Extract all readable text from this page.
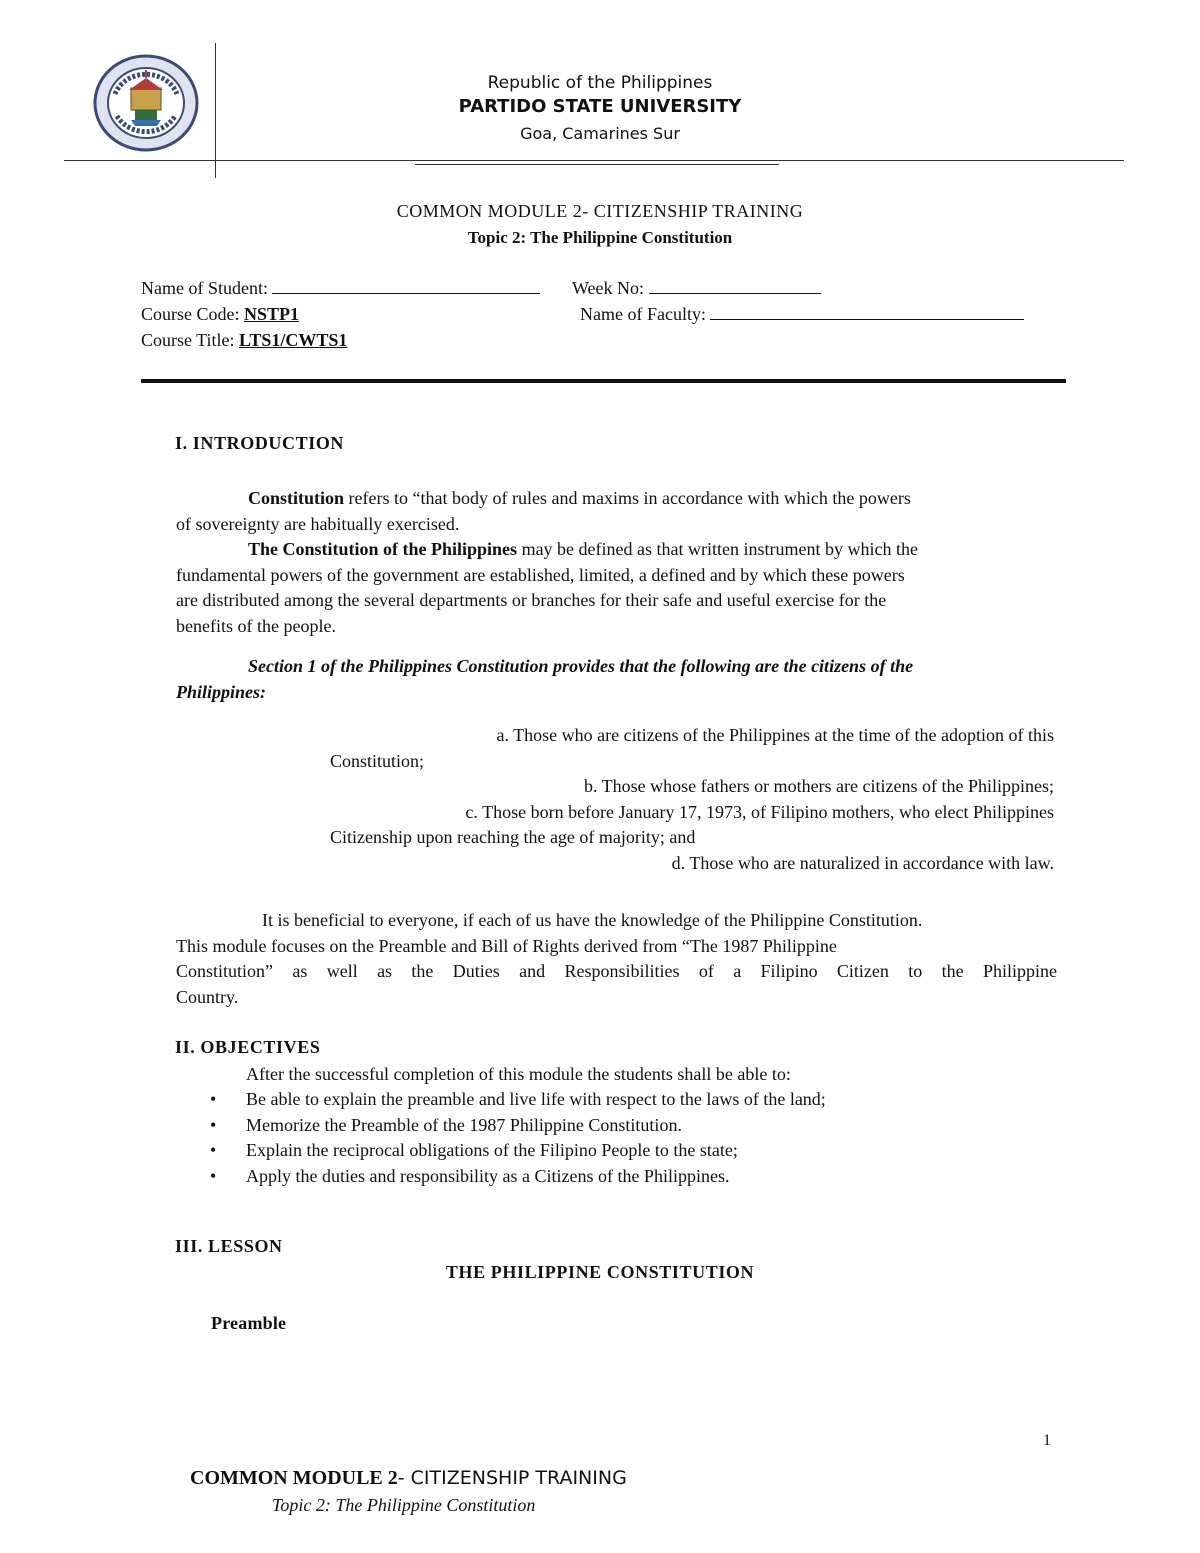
Republic of the Philippines
PARTIDO STATE UNIVERSITY
Goa, Camarines Sur
COMMON MODULE 2- CITIZENSHIP TRAINING
Topic 2: The Philippine Constitution
Name of Student:	Week No:
Course Code: NSTP1	Name of Faculty:
Course Title: LTS1/CWTS1
I. INTRODUCTION
Constitution refers to “that body of rules and maxims in accordance with which the powers
of sovereignty are habitually exercised.
The Constitution of the Philippines may be defined as that written instrument by which the
fundamental powers of the government are established, limited, a defined and by which these powers
are distributed among the several departments or branches for their safe and useful exercise for the
benefits of the people.
Section 1 of the Philippines Constitution provides that the following are the citizens of the
Philippines:
a. Those who are citizens of the Philippines at the time of the adoption of this
Constitution;
b. Those whose fathers or mothers are citizens of the Philippines;
c. Those born before January 17, 1973, of Filipino mothers, who elect Philippines
Citizenship upon reaching the age of majority; and
d. Those who are naturalized in accordance with law.
It is beneficial to everyone, if each of us have the knowledge of the Philippine Constitution.
This module focuses on the Preamble and Bill of Rights derived from “The 1987 Philippine
Constitution” as well as the Duties and Responsibilities of a Filipino Citizen to the Philippine
Country.
II. OBJECTIVES
After the successful completion of this module the students shall be able to:
• Be able to explain the preamble and live life with respect to the laws of the land;
• Memorize the Preamble of the 1987 Philippine Constitution.
• Explain the reciprocal obligations of the Filipino People to the state;
• Apply the duties and responsibility as a Citizens of the Philippines.
III. LESSON
THE PHILIPPINE CONSTITUTION
Preamble
1
COMMON MODULE 2- CITIZENSHIP TRAINING
Topic 2: The Philippine Constitution
